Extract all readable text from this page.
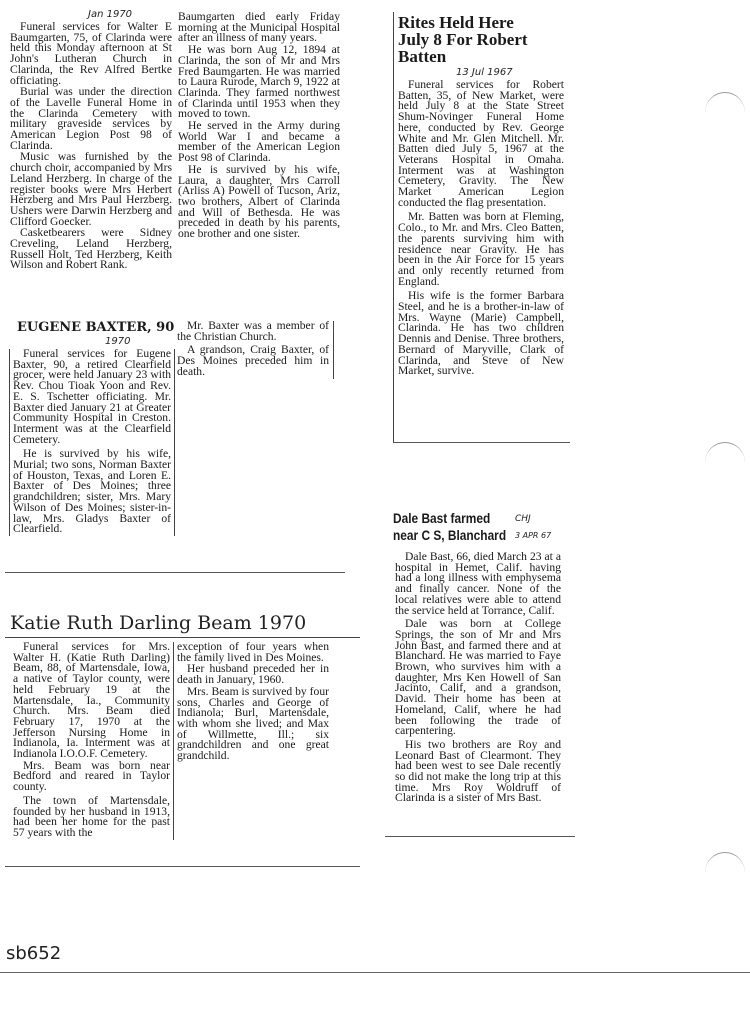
Jan 1970

Funeral services for Walter E Baumgarten, 75, of Clarinda were held this Monday afternoon at St John's Lutheran Church in Clarinda, the Rev Alfred Bertke officiating.

Burial was under the direction of the Lavelle Funeral Home in the Clarinda Cemetery with military graveside services by American Legion Post 98 of Clarinda.

Music was furnished by the church choir, accompanied by Mrs Leland Herzberg. In charge of the register books were Mrs Herbert Herzberg and Mrs Paul Herzberg. Ushers were Darwin Herzberg and Clifford Goecker.

Casketbearers were Sidney Creveling, Leland Herzberg, Russell Holt, Ted Herzberg, Keith Wilson and Robert Rank.

Baumgarten died early Friday morning at the Municipal Hospital after an illness of many years.

He was born Aug 12, 1894 at Clarinda, the son of Mr and Mrs Fred Baumgarten. He was married to Laura Rurode, March 9, 1922 at Clarinda. They farmed northwest of Clarinda until 1953 when they moved to town.

He served in the Army during World War I and became a member of the American Legion Post 98 of Clarinda.

He is survived by his wife, Laura, a daughter, Mrs Carroll (Arliss A) Powell of Tucson, Ariz, two brothers, Albert of Clarinda and Will of Bethesda. He was preceded in death by his parents, one brother and one sister.

EUGENE BAXTER, 90
1970

Funeral services for Eugene Baxter, 90, a retired Clearfield grocer, were held January 23 with Rev. Chou Tioak Yoon and Rev. E. S. Tschetter officiating. Mr. Baxter died January 21 at Greater Community Hospital in Creston. Interment was at the Clearfield Cemetery.

He is survived by his wife, Murial; two sons, Norman Baxter of Houston, Texas, and Loren E. Baxter of Des Moines; three grandchildren; sister, Mrs. Mary Wilson of Des Moines; sister-in-law, Mrs. Gladys Baxter of Clearfield.

Mr. Baxter was a member of the Christian Church.

A grandson, Craig Baxter, of Des Moines preceded him in death.

Rites Held Here July 8 For Robert Batten
13 Jul 1967

Funeral services for Robert Batten, 35, of New Market, were held July 8 at the State Street Shum-Novinger Funeral Home here, conducted by Rev. George White and Mr. Glen Mitchell. Mr. Batten died July 5, 1967 at the Veterans Hospital in Omaha. Interment was at Washington Cemetery, Gravity. The New Market American Legion conducted the flag presentation.

Mr. Batten was born at Fleming, Colo., to Mr. and Mrs. Cleo Batten, the parents surviving him with residence near Gravity. He has been in the Air Force for 15 years and only recently returned from England.

His wife is the former Barbara Steel, and he is a brother-in-law of Mrs. Wayne (Marie) Campbell, Clarinda. He has two children Dennis and Denise. Three brothers, Bernard of Maryville, Clark of Clarinda, and Steve of New Market, survive.

Dale Bast farmed near C S, Blanchard
CHJ
3 APR 67

Dale Bast, 66, died March 23 at a hospital in Hemet, Calif. having had a long illness with emphysema and finally cancer. None of the local relatives were able to attend the service held at Torrance, Calif.

Dale was born at College Springs, the son of Mr and Mrs John Bast, and farmed there and at Blanchard. He was married to Faye Brown, who survives him with a daughter, Mrs Ken Howell of San Jacinto, Calif, and a grandson, David. Their home has been at Homeland, Calif, where he had been following the trade of carpentering.

His two brothers are Roy and Leonard Bast of Clearmont. They had been west to see Dale recently so did not make the long trip at this time. Mrs Roy Woldruff of Clarinda is a sister of Mrs Bast.

Katie Ruth Darling Beam 1970

Funeral services for Mrs. Walter H. (Katie Ruth Darling) Beam, 88, of Martensdale, Iowa, a native of Taylor county, were held February 19 at the Martensdale, Ia., Community Church. Mrs. Beam died February 17, 1970 at the Jefferson Nursing Home in Indianola, Ia. Interment was at Indianola I.O.O.F. Cemetery.

Mrs. Beam was born near Bedford and reared in Taylor county.

The town of Martensdale, founded by her husband in 1913, had been her home for the past 57 years with the

exception of four years when the family lived in Des Moines.

Her husband preceded her in death in January, 1960.

Mrs. Beam is survived by four sons, Charles and George of Indianola; Burl, Martensdale, with whom she lived; and Max of Willmette, Ill.; six grandchildren and one great grandchild.

sb652
